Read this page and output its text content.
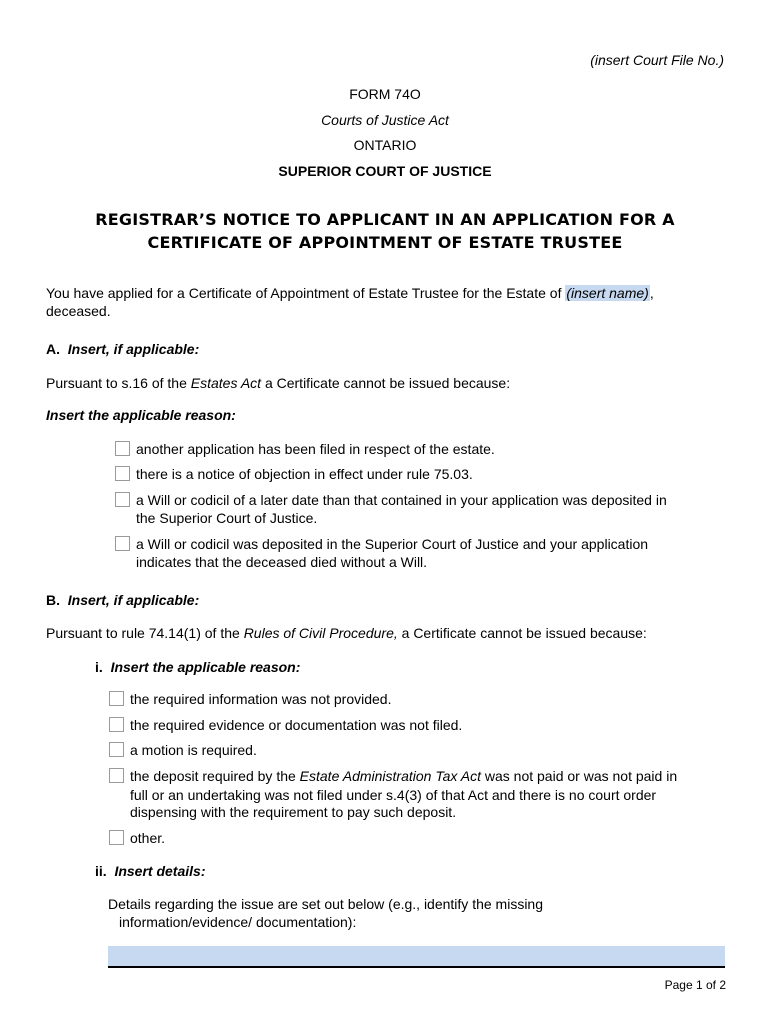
(insert Court File No.)
FORM 74O
Courts of Justice Act
ONTARIO
SUPERIOR COURT OF JUSTICE
REGISTRAR’S NOTICE TO APPLICANT IN AN APPLICATION FOR A
CERTIFICATE OF APPOINTMENT OF ESTATE TRUSTEE
You have applied for a Certificate of Appointment of Estate Trustee for the Estate of (insert name),
deceased.
A. Insert, if applicable:
Pursuant to s.16 of the Estates Act a Certificate cannot be issued because:
Insert the applicable reason:
another application has been filed in respect of the estate.
there is a notice of objection in effect under rule 75.03.
a Will or codicil of a later date than that contained in your application was deposited in
the Superior Court of Justice.
a Will or codicil was deposited in the Superior Court of Justice and your application
indicates that the deceased died without a Will.
B. Insert, if applicable:
Pursuant to rule 74.14(1) of the Rules of Civil Procedure, a Certificate cannot be issued because:
i. Insert the applicable reason:
the required information was not provided.
the required evidence or documentation was not filed.
a motion is required.
the deposit required by the Estate Administration Tax Act was not paid or was not paid in
full or an undertaking was not filed under s.4(3) of that Act and there is no court order
dispensing with the requirement to pay such deposit.
other.
ii. Insert details:
Details regarding the issue are set out below (e.g., identify the missing
information/evidence/ documentation):
Page 1 of 2
